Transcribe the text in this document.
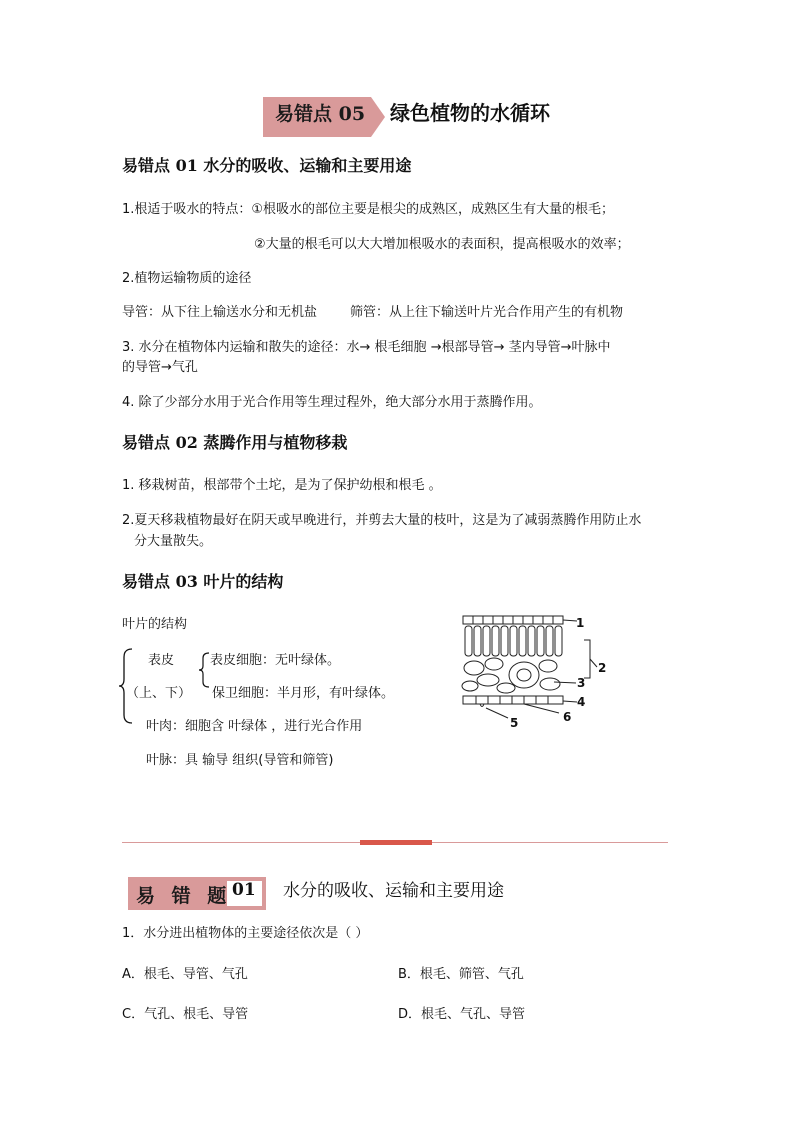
易错点 05 绿色植物的水循环
易错点 01 水分的吸收、运输和主要用途
1.根适于吸水的特点：①根吸水的部位主要是根尖的成熟区，成熟区生有大量的根毛；
②大量的根毛可以大大增加根吸水的表面积，提高根吸水的效率；
2.植物运输物质的途径
导管：从下往上输送水分和无机盐	筛管：从上往下输送叶片光合作用产生的有机物
3. 水分在植物体内运输和散失的途径：水→ 根毛细胞 →根部导管→ 茎内导管→叶脉中
的导管→气孔
4. 除了少部分水用于光合作用等生理过程外，绝大部分水用于蒸腾作用。
易错点 02 蒸腾作用与植物移栽
1. 移栽树苗，根部带个土坨，是为了保护幼根和根毛 。
2.夏天移栽植物最好在阴天或早晚进行，并剪去大量的枝叶，这是为了减弱蒸腾作用防止水
分大量散失。
易错点 03 叶片的结构
叶片的结构
表皮
（上、下）
表皮细胞：无叶绿体。
保卫细胞：半月形，有叶绿体。
叶肉：细胞含 叶绿体 ，进行光合作用
叶脉：具 输导 组织(导管和筛管)
1
2
3
4
5	6
易 错 题 01 水分的吸收、运输和主要用途
1．水分进出植物体的主要途径依次是（ ）
A．根毛、导管、气孔	B．根毛、筛管、气孔
C．气孔、根毛、导管	D．根毛、气孔、导管
